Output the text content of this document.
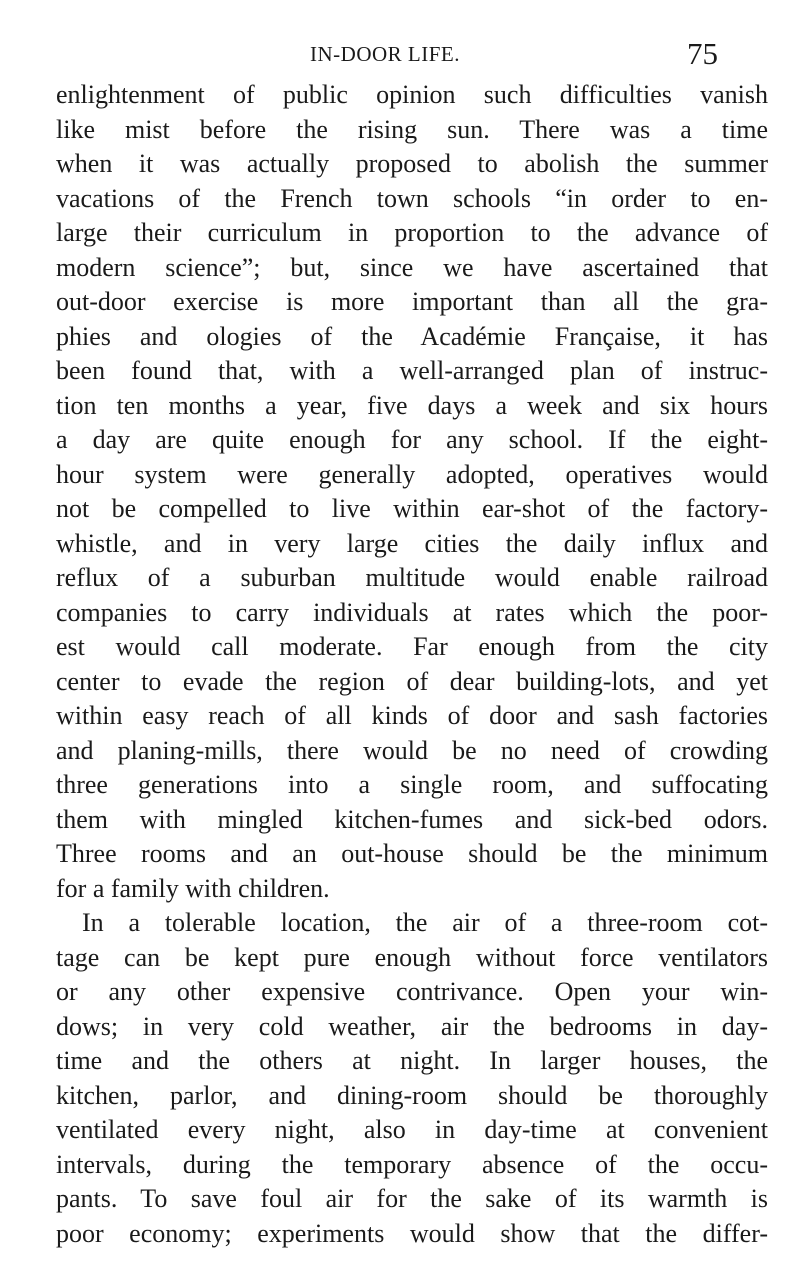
IN-DOOR LIFE.	75
enlightenment of public opinion such difficulties vanish
like mist before the rising sun. There was a time
when it was actually proposed to abolish the summer
vacations of the French town schools “in order to en-
large their curriculum in proportion to the advance of
modern science”; but, since we have ascertained that
out-door exercise is more important than all the gra-
phies and ologies of the Académie Française, it has
been found that, with a well-arranged plan of instruc-
tion ten months a year, five days a week and six hours
a day are quite enough for any school. If the eight-
hour system were generally adopted, operatives would
not be compelled to live within ear-shot of the factory-
whistle, and in very large cities the daily influx and
reflux of a suburban multitude would enable railroad
companies to carry individuals at rates which the poor-
est would call moderate. Far enough from the city
center to evade the region of dear building-lots, and yet
within easy reach of all kinds of door and sash factories
and planing-mills, there would be no need of crowding
three generations into a single room, and suffocating
them with mingled kitchen-fumes and sick-bed odors.
Three rooms and an out-house should be the minimum
for a family with children.
In a tolerable location, the air of a three-room cot-
tage can be kept pure enough without force ventilators
or any other expensive contrivance. Open your win-
dows; in very cold weather, air the bedrooms in day-
time and the others at night. In larger houses, the
kitchen, parlor, and dining-room should be thoroughly
ventilated every night, also in day-time at convenient
intervals, during the temporary absence of the occu-
pants. To save foul air for the sake of its warmth is
poor economy; experiments would show that the differ-
